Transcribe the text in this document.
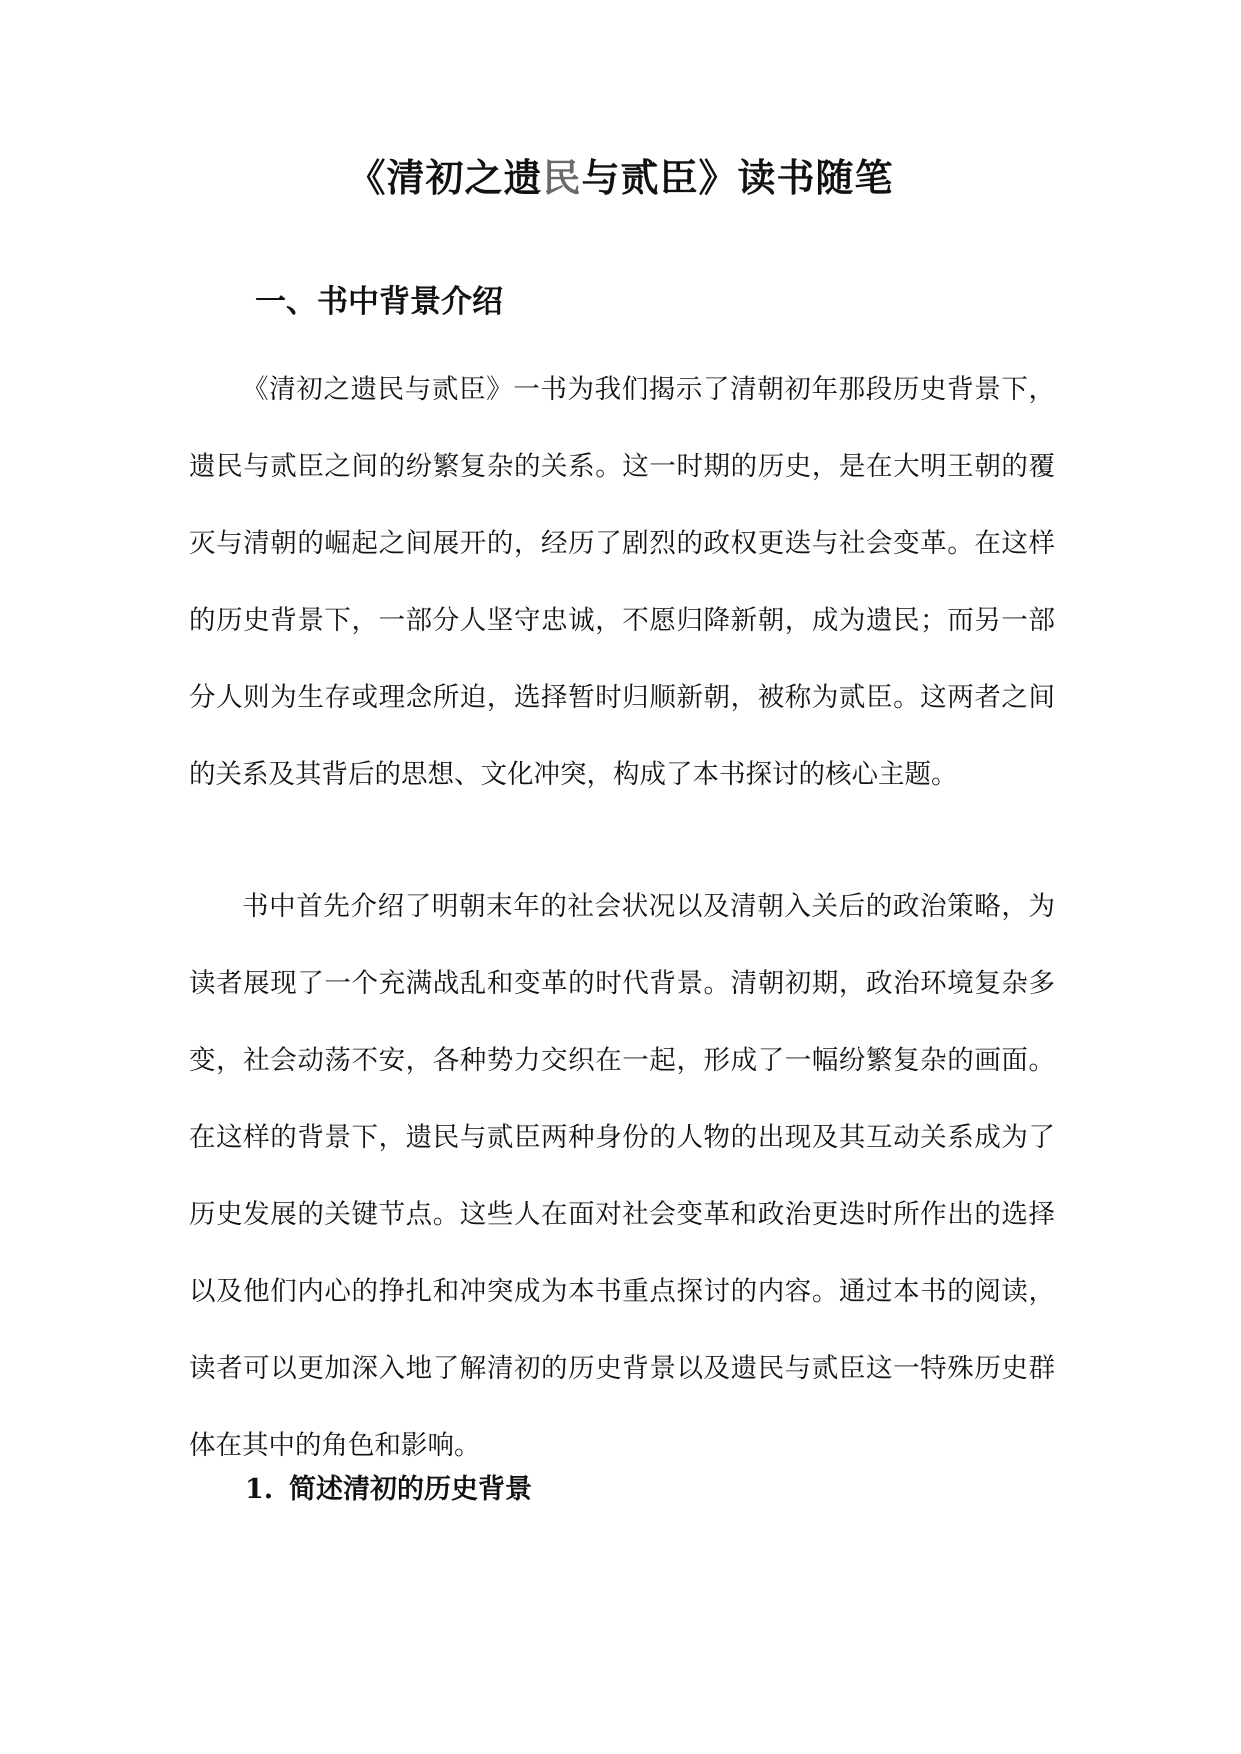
《清初之遗民与贰臣》读书随笔
一、书中背景介绍

《清初之遗民与贰臣》一书为我们揭示了清朝初年那段历史背景下，遗民与贰臣之间的纷繁复杂的关系。这一时期的历史，是在大明王朝的覆灭与清朝的崛起之间展开的，经历了剧烈的政权更迭与社会变革。在这样的历史背景下，一部分人坚守忠诚，不愿归降新朝，成为遗民；而另一部分人则为生存或理念所迫，选择暂时归顺新朝，被称为贰臣。这两者之间的关系及其背后的思想、文化冲突，构成了本书探讨的核心主题。

书中首先介绍了明朝末年的社会状况以及清朝入关后的政治策略，为读者展现了一个充满战乱和变革的时代背景。清朝初期，政治环境复杂多变，社会动荡不安，各种势力交织在一起，形成了一幅纷繁复杂的画面。在这样的背景下，遗民与贰臣两种身份的人物的出现及其互动关系成为了历史发展的关键节点。这些人在面对社会变革和政治更迭时所作出的选择以及他们内心的挣扎和冲突成为本书重点探讨的内容。通过本书的阅读，读者可以更加深入地了解清初的历史背景以及遗民与贰臣这一特殊历史群体在其中的角色和影响。

1. 简述清初的历史背景
